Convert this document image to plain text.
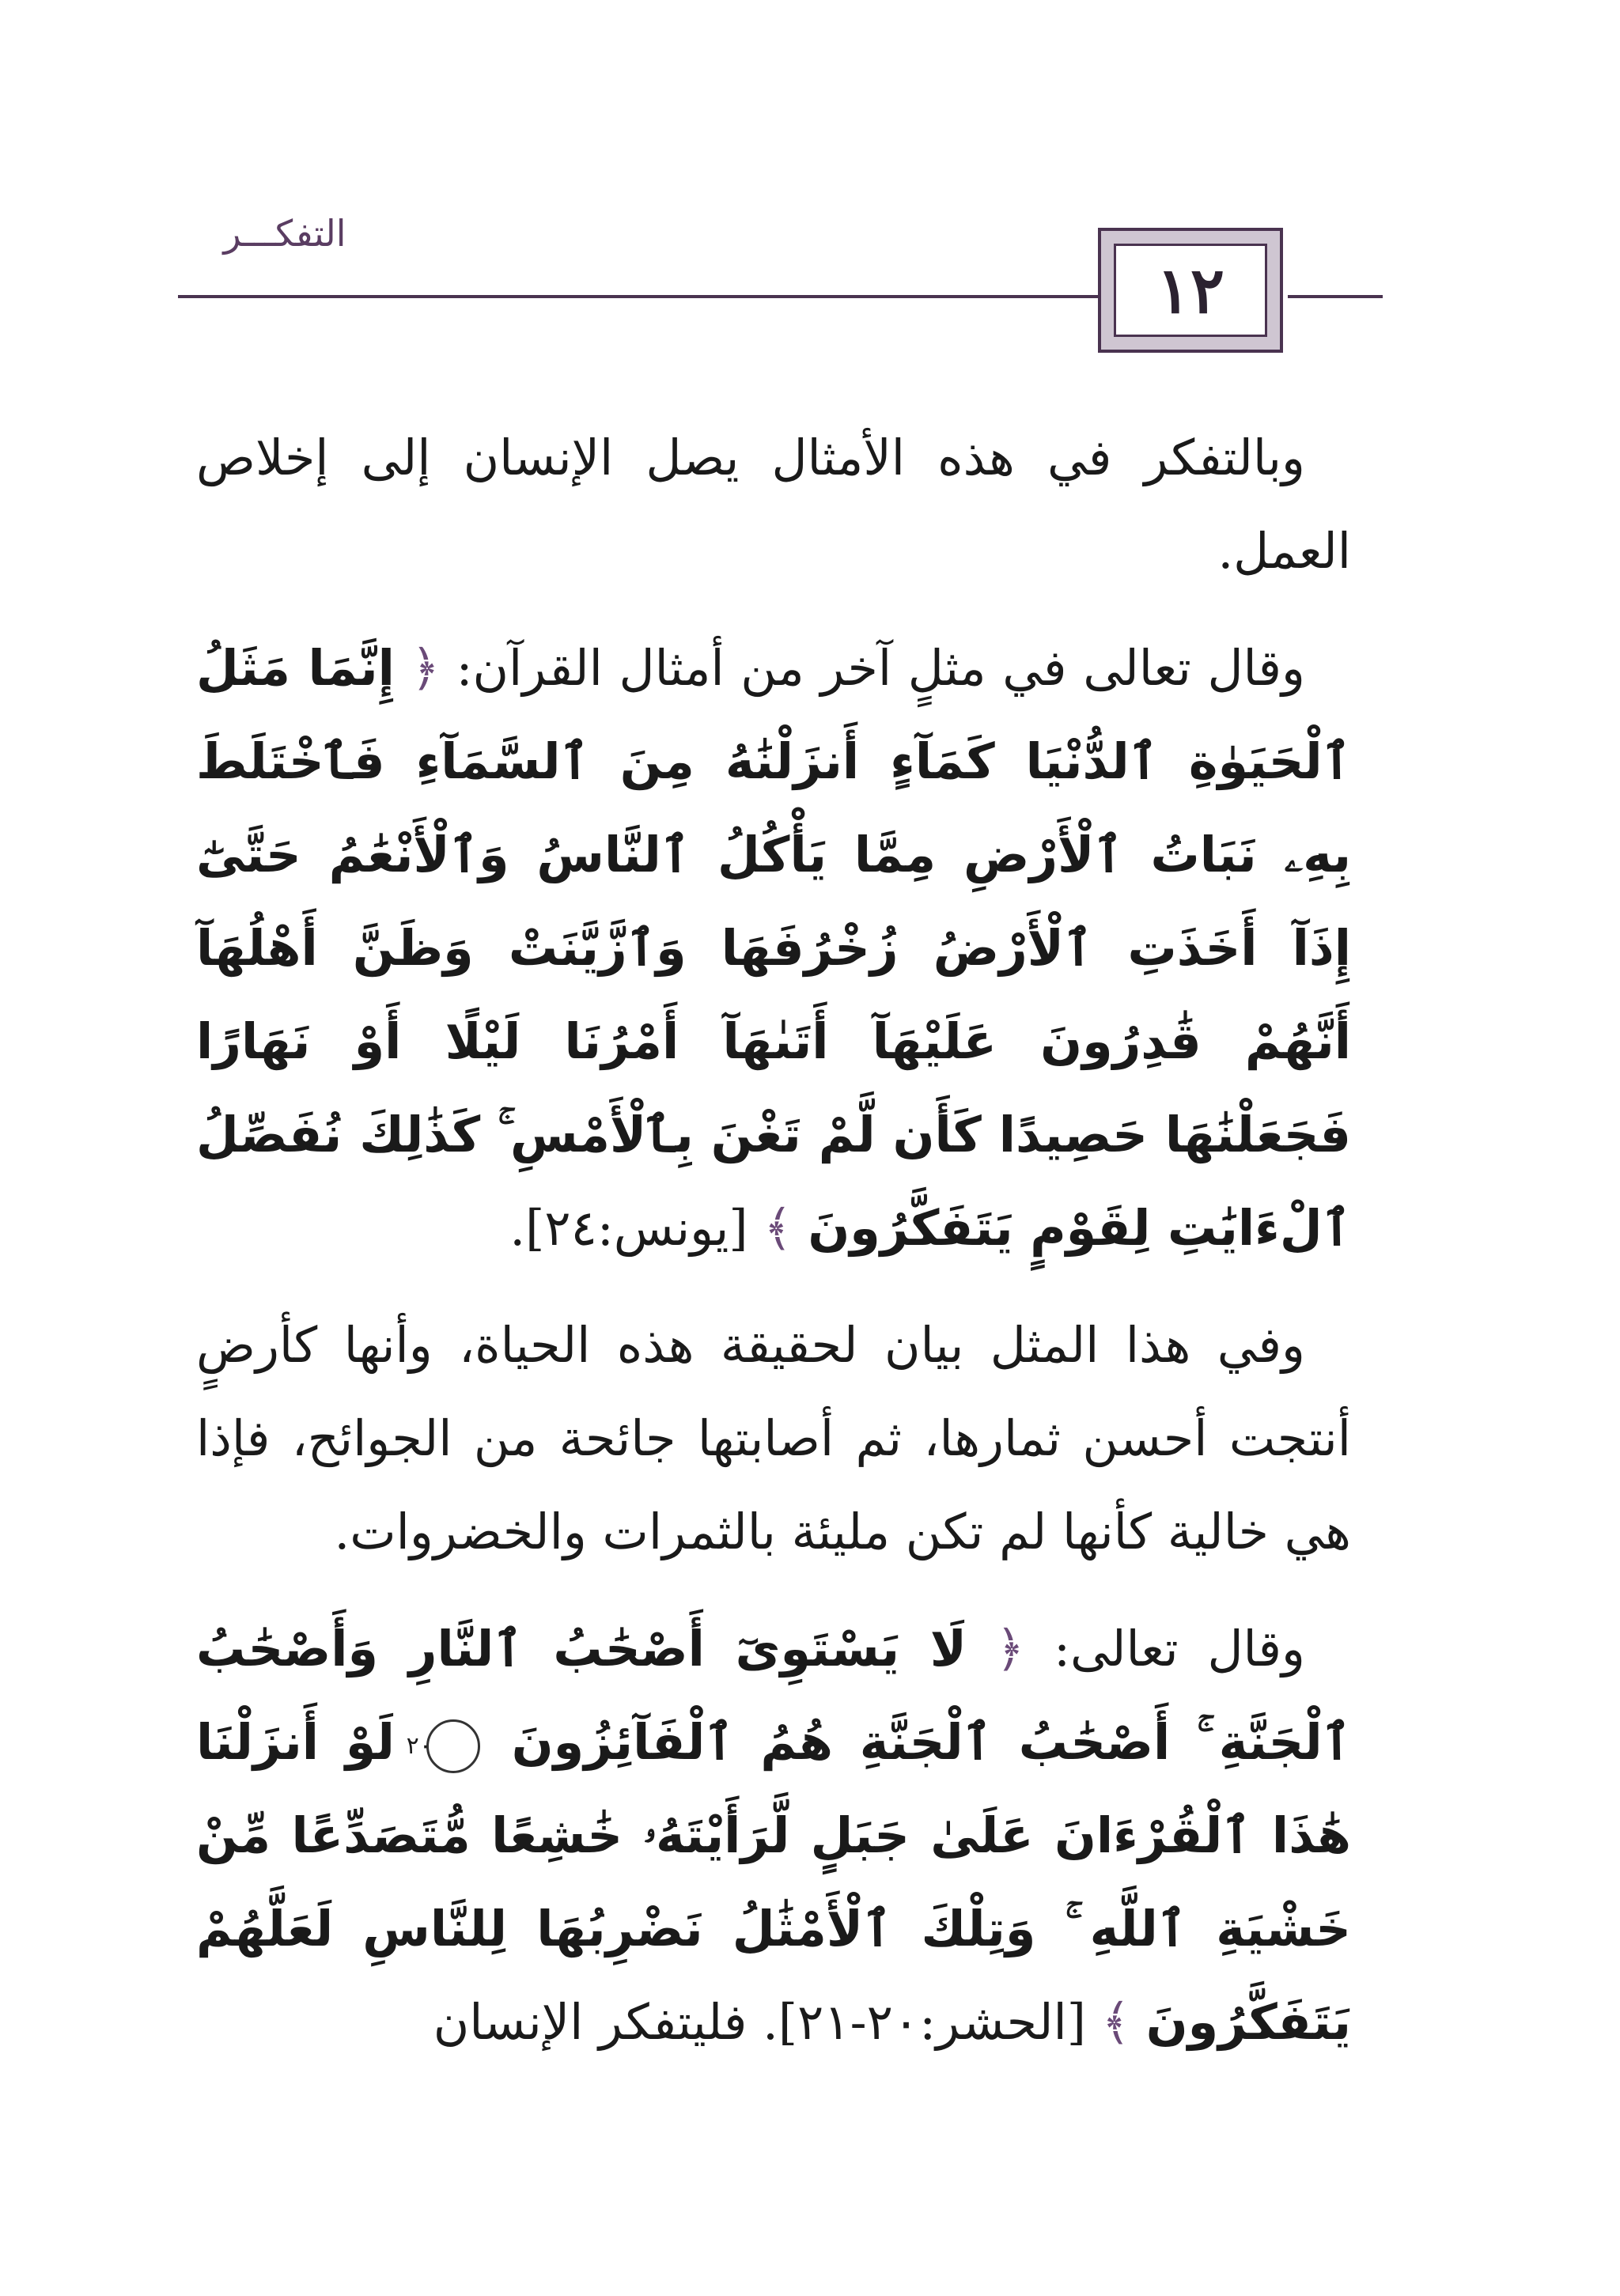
التفكـــر
١٢

وبالتفكر في هذه الأمثال يصل الإنسان إلى إخلاص العمل.

وقال تعالى في مثلٍ آخر من أمثال القرآن: ﴿ إِنَّمَا مَثَلُ ٱلْحَيَوٰةِ ٱلدُّنْيَا كَمَآءٍ أَنزَلْنَٰهُ مِنَ ٱلسَّمَآءِ فَٱخْتَلَطَ بِهِۦ نَبَاتُ ٱلْأَرْضِ مِمَّا يَأْكُلُ ٱلنَّاسُ وَٱلْأَنْعَٰمُ حَتَّىٰٓ إِذَآ أَخَذَتِ ٱلْأَرْضُ زُخْرُفَهَا وَٱزَّيَّنَتْ وَظَنَّ أَهْلُهَآ أَنَّهُمْ قَٰدِرُونَ عَلَيْهَآ أَتَىٰهَآ أَمْرُنَا لَيْلًا أَوْ نَهَارًا فَجَعَلْنَٰهَا حَصِيدًا كَأَن لَّمْ تَغْنَ بِٱلْأَمْسِ ۚ كَذَٰلِكَ نُفَصِّلُ ٱلْءَايَٰتِ لِقَوْمٍ يَتَفَكَّرُونَ ﴾ [يونس:٢٤].

وفي هذا المثل بيان لحقيقة هذه الحياة، وأنها كأرضٍ أنتجت أحسن ثمارها، ثم أصابتها جائحة من الجوائح، فإذا هي خالية كأنها لم تكن مليئة بالثمرات والخضروات.

وقال تعالى: ﴿ لَا يَسْتَوِىٓ أَصْحَٰبُ ٱلنَّارِ وَأَصْحَٰبُ ٱلْجَنَّةِ ۚ أَصْحَٰبُ ٱلْجَنَّةِ هُمُ ٱلْفَآئِزُونَ ٢٠ لَوْ أَنزَلْنَا هَٰذَا ٱلْقُرْءَانَ عَلَىٰ جَبَلٍ لَّرَأَيْتَهُۥ خَٰشِعًا مُّتَصَدِّعًا مِّنْ خَشْيَةِ ٱللَّهِ ۚ وَتِلْكَ ٱلْأَمْثَٰلُ نَضْرِبُهَا لِلنَّاسِ لَعَلَّهُمْ يَتَفَكَّرُونَ ﴾ [الحشر:٢٠-٢١]. فليتفكر الإنسان
